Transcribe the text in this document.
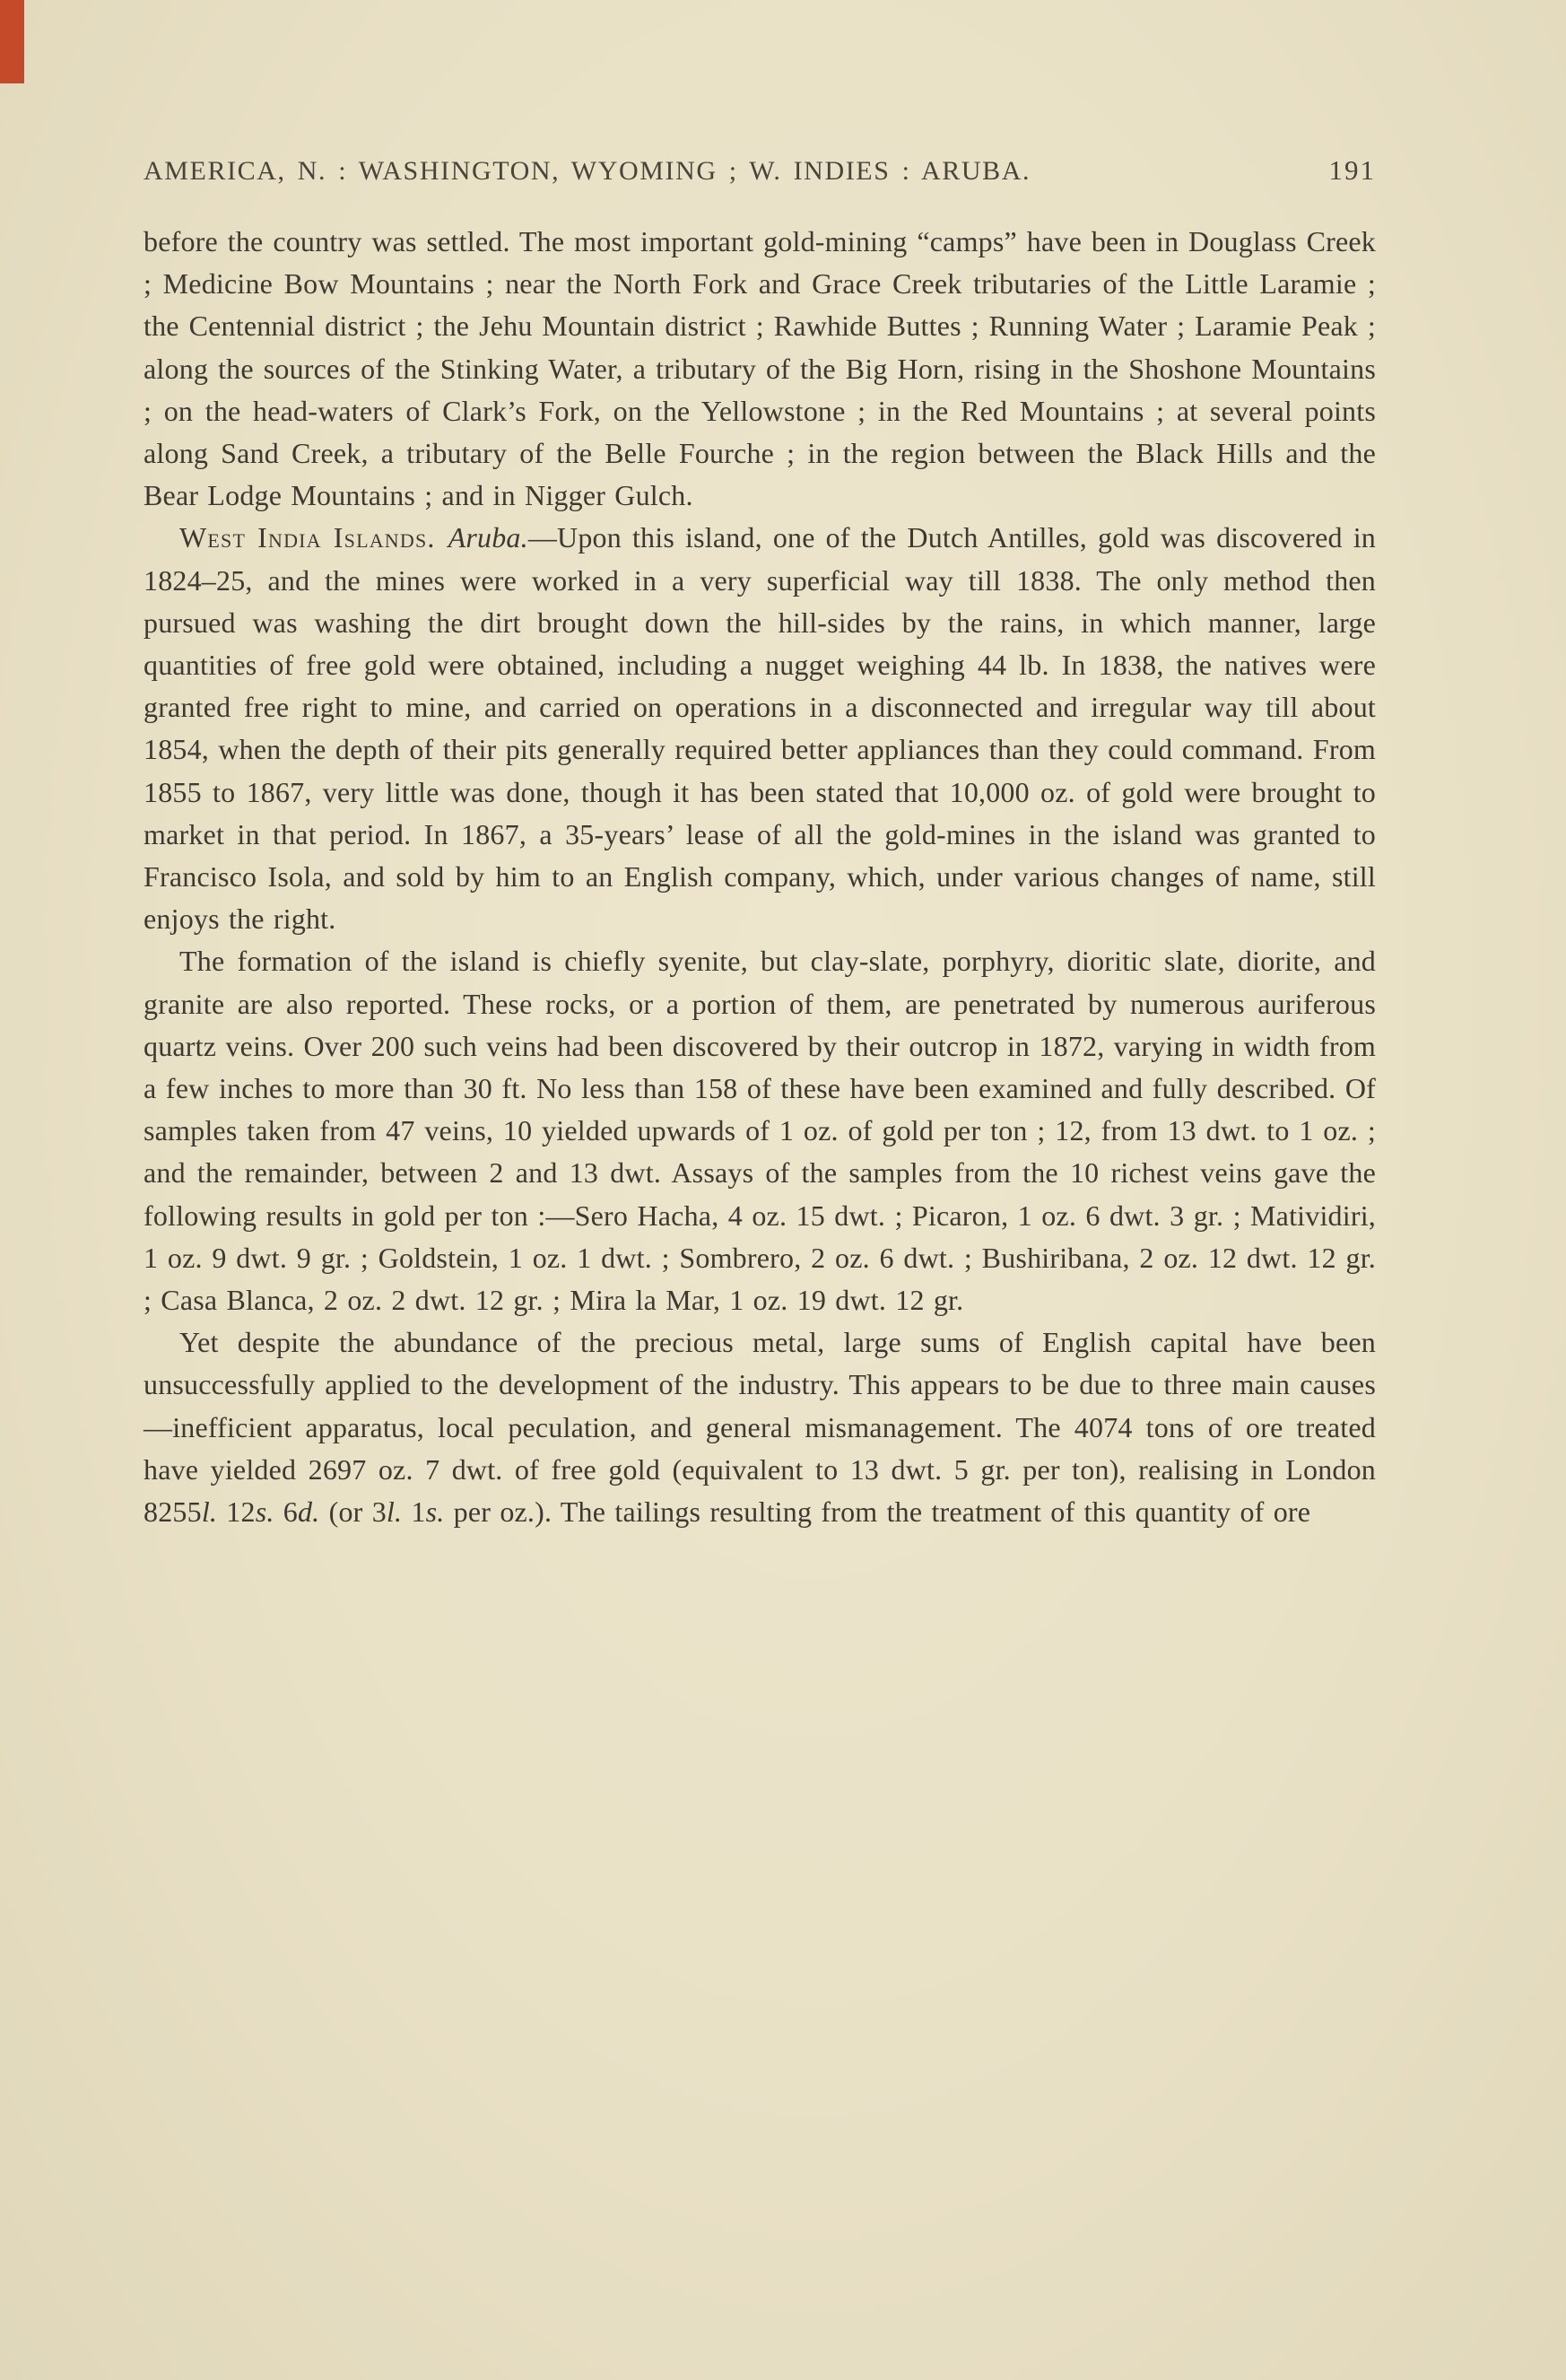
AMERICA, N. : WASHINGTON, WYOMING ; W. INDIES : ARUBA.	191

before the country was settled. The most important gold-mining “camps” have been in Douglass Creek ; Medicine Bow Mountains ; near the North Fork and Grace Creek tributaries of the Little Laramie ; the Centennial district ; the Jehu Mountain district ; Rawhide Buttes ; Running Water ; Laramie Peak ; along the sources of the Stinking Water, a tributary of the Big Horn, rising in the Shoshone Mountains ; on the head-waters of Clark’s Fork, on the Yellowstone ; in the Red Mountains ; at several points along Sand Creek, a tributary of the Belle Fourche ; in the region between the Black Hills and the Bear Lodge Mountains ; and in Nigger Gulch.

West India Islands. Aruba.—Upon this island, one of the Dutch Antilles, gold was discovered in 1824–25, and the mines were worked in a very superficial way till 1838. The only method then pursued was washing the dirt brought down the hill-sides by the rains, in which manner, large quantities of free gold were obtained, including a nugget weighing 44 lb. In 1838, the natives were granted free right to mine, and carried on operations in a disconnected and irregular way till about 1854, when the depth of their pits generally required better appliances than they could command. From 1855 to 1867, very little was done, though it has been stated that 10,000 oz. of gold were brought to market in that period. In 1867, a 35-years’ lease of all the gold-mines in the island was granted to Francisco Isola, and sold by him to an English company, which, under various changes of name, still enjoys the right.

The formation of the island is chiefly syenite, but clay-slate, porphyry, dioritic slate, diorite, and granite are also reported. These rocks, or a portion of them, are penetrated by numerous auriferous quartz veins. Over 200 such veins had been discovered by their outcrop in 1872, varying in width from a few inches to more than 30 ft. No less than 158 of these have been examined and fully described. Of samples taken from 47 veins, 10 yielded upwards of 1 oz. of gold per ton ; 12, from 13 dwt. to 1 oz. ; and the remainder, between 2 and 13 dwt. Assays of the samples from the 10 richest veins gave the following results in gold per ton :—Sero Hacha, 4 oz. 15 dwt. ; Picaron, 1 oz. 6 dwt. 3 gr. ; Matividiri, 1 oz. 9 dwt. 9 gr. ; Goldstein, 1 oz. 1 dwt. ; Sombrero, 2 oz. 6 dwt. ; Bushiribana, 2 oz. 12 dwt. 12 gr. ; Casa Blanca, 2 oz. 2 dwt. 12 gr. ; Mira la Mar, 1 oz. 19 dwt. 12 gr.

Yet despite the abundance of the precious metal, large sums of English capital have been unsuccessfully applied to the development of the industry. This appears to be due to three main causes—inefficient apparatus, local peculation, and general mismanagement. The 4074 tons of ore treated have yielded 2697 oz. 7 dwt. of free gold (equivalent to 13 dwt. 5 gr. per ton), realising in London 8255l. 12s. 6d. (or 3l. 1s. per oz.). The tailings resulting from the treatment of this quantity of ore
